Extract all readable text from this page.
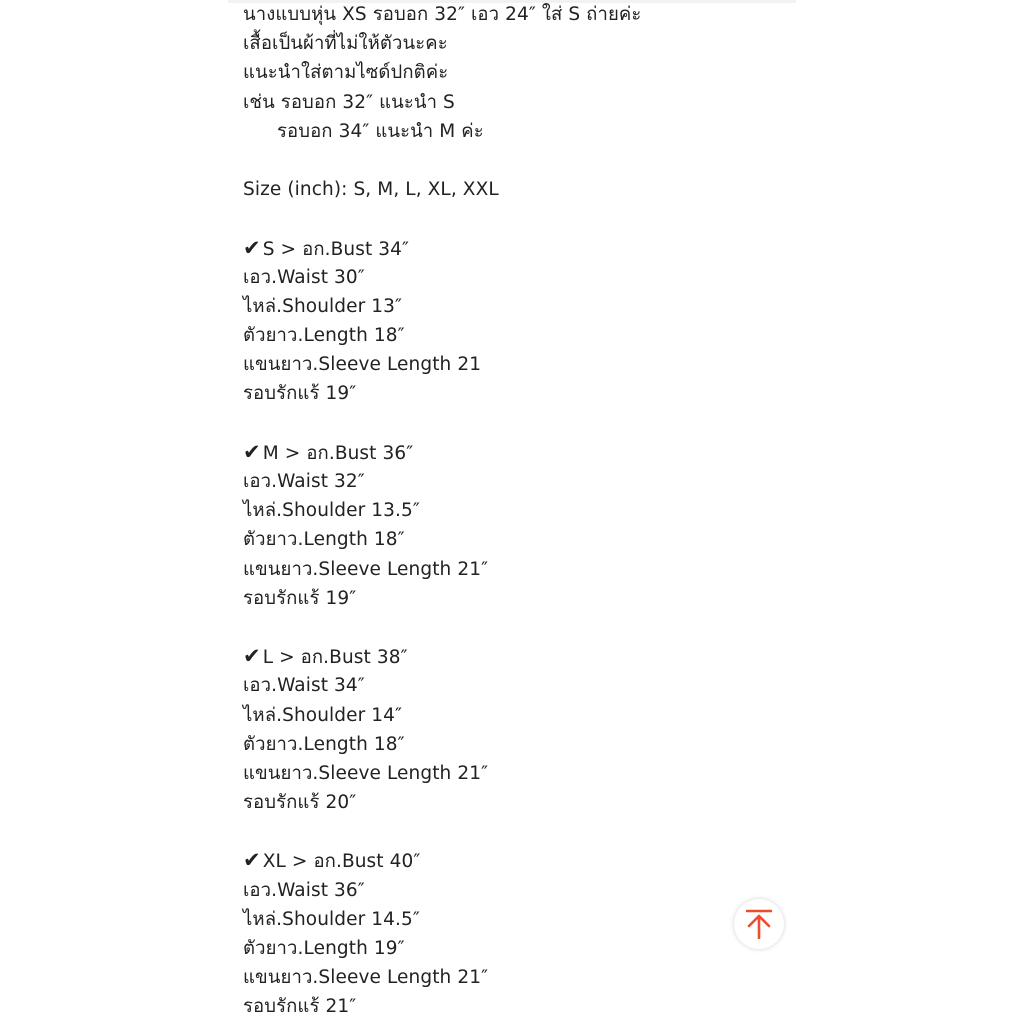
นางแบบหุ่น XS รอบอก 32″ เอว 24″ ใส่ S ถ่ายค่ะ
เสื้อเป็นผ้าที่ไม่ให้ตัวนะคะ
แนะนำใส่ตามไซด์ปกติค่ะ
เช่น รอบอก 32″ แนะนำ S
รอบอก 34″ แนะนำ M ค่ะ
Size (inch): S, M, L, XL, XXL
✔ S > อก.Bust 34″
เอว.Waist 30″
ไหล่.Shoulder 13″
ตัวยาว.Length 18″
แขนยาว.Sleeve Length 21
รอบรักแร้ 19″
✔ M > อก.Bust 36″
เอว.Waist 32″
ไหล่.Shoulder 13.5″
ตัวยาว.Length 18″
แขนยาว.Sleeve Length 21″
รอบรักแร้ 19″
✔ L > อก.Bust 38″
เอว.Waist 34″
ไหล่.Shoulder 14″
ตัวยาว.Length 18″
แขนยาว.Sleeve Length 21″
รอบรักแร้ 20″
✔ XL > อก.Bust 40″
เอว.Waist 36″
ไหล่.Shoulder 14.5″
ตัวยาว.Length 19″
แขนยาว.Sleeve Length 21″
รอบรักแร้ 21″
